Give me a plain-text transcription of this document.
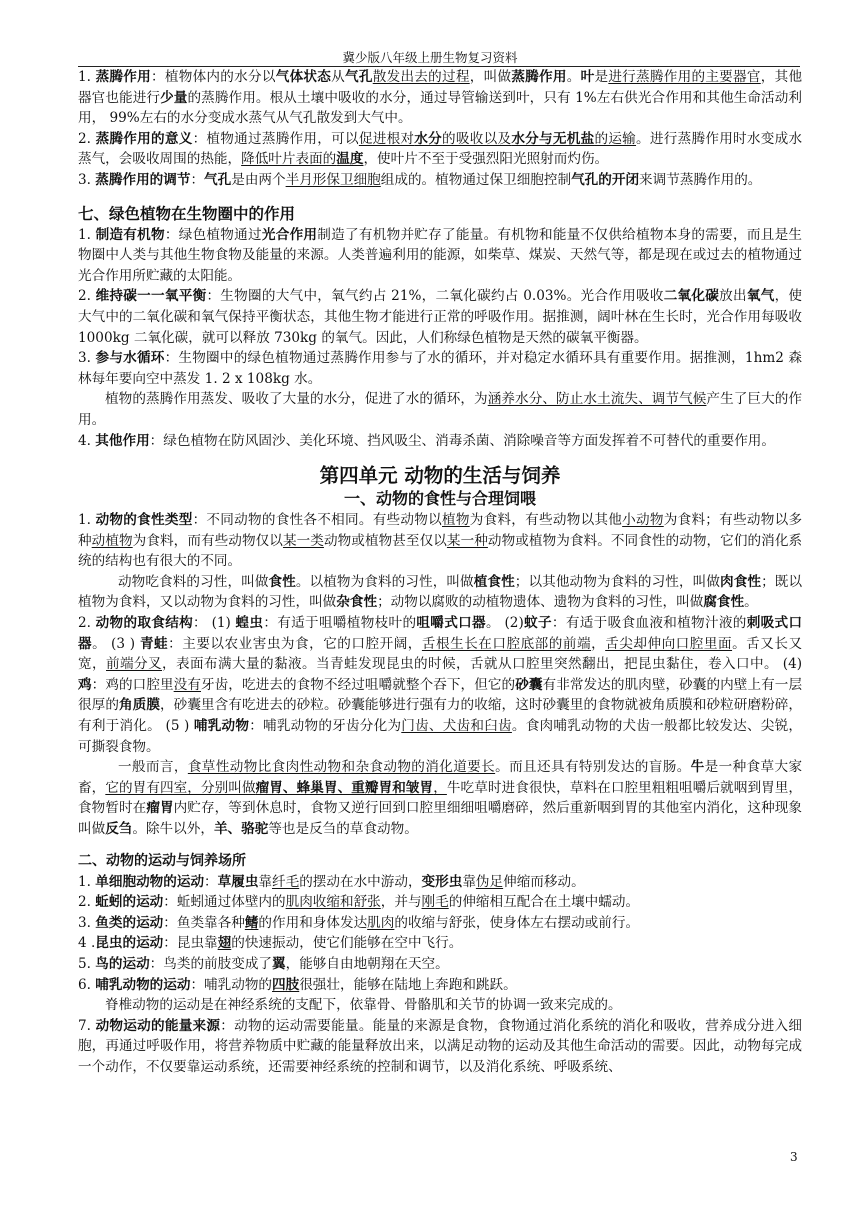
冀少版八年级上册生物复习资料

1. 蒸腾作用：植物体内的水分以气体状态从气孔散发出去的过程，叫做蒸腾作用。叶是进行蒸腾作用的主要器官，其他器官也能进行少量的蒸腾作用。根从土壤中吸收的水分，通过导管输送到叶，只有 1%左右供光合作用和其他生命活动利用， 99%左右的水分变成水蒸气从气孔散发到大气中。

2. 蒸腾作用的意义：植物通过蒸腾作用，可以促进根对水分的吸收以及水分与无机盐的运输。进行蒸腾作用时水变成水蒸气，会吸收周围的热能，降低叶片表面的温度，使叶片不至于受强烈阳光照射而灼伤。

3. 蒸腾作用的调节：气孔是由两个半月形保卫细胞组成的。植物通过保卫细胞控制气孔的开闭来调节蒸腾作用的。

七、绿色植物在生物圈中的作用

1. 制造有机物：绿色植物通过光合作用制造了有机物并贮存了能量。有机物和能量不仅供给植物本身的需要，而且是生物圈中人类与其他生物食物及能量的来源。人类普遍利用的能源，如柴草、煤炭、天然气等，都是现在或过去的植物通过光合作用所贮藏的太阳能。

2. 维持碳一一氧平衡：生物圈的大气中，氧气约占 21%，二氧化碳约占 0.03%。光合作用吸收二氧化碳放出氧气，使大气中的二氧化碳和氧气保持平衡状态，其他生物才能进行正常的呼吸作用。据推测，阔叶林在生长时，光合作用每吸收 1000kg 二氧化碳，就可以释放 730kg 的氧气。因此，人们称绿色植物是天然的碳氧平衡器。

3. 参与水循环：生物圈中的绿色植物通过蒸腾作用参与了水的循环，并对稳定水循环具有重要作用。据推测，1hm2 森林每年要向空中蒸发 1. 2 x 108kg 水。

植物的蒸腾作用蒸发、吸收了大量的水分，促进了水的循环，为涵养水分、防止水土流失、调节气候产生了巨大的作用。

4. 其他作用：绿色植物在防风固沙、美化环境、挡风吸尘、消毒杀菌、消除噪音等方面发挥着不可替代的重要作用。

第四单元 动物的生活与饲养

一、动物的食性与合理饲喂

1. 动物的食性类型：不同动物的食性各不相同。有些动物以植物为食料，有些动物以其他小动物为食料；有些动物以多种动植物为食料，而有些动物仅以某一类动物或植物甚至仅以某一种动物或植物为食料。不同食性的动物，它们的消化系统的结构也有很大的不同。

动物吃食料的习性，叫做食性。以植物为食料的习性，叫做植食性；以其他动物为食料的习性，叫做肉食性；既以植物为食料，又以动物为食料的习性，叫做杂食性；动物以腐败的动植物遗体、遗物为食料的习性，叫做腐食性。

2. 动物的取食结构： (1) 蝗虫：有适于咀嚼植物枝叶的咀嚼式口器。 (2)蚊子：有适于吸食血液和植物汁液的刺吸式口器。 (3 ) 青蛙：主要以农业害虫为食，它的口腔开阔，舌根生长在口腔底部的前端，舌尖却伸向口腔里面。舌又长又宽，前端分叉，表面布满大量的黏液。当青蛙发现昆虫的时候，舌就从口腔里突然翻出，把昆虫黏住，卷入口中。 (4) 鸡：鸡的口腔里没有牙齿，吃进去的食物不经过咀嚼就整个吞下，但它的砂囊有非常发达的肌肉壁，砂囊的内壁上有一层很厚的角质膜，砂囊里含有吃进去的砂粒。砂囊能够进行强有力的收缩，这时砂囊里的食物就被角质膜和砂粒研磨粉碎，有利于消化。 (5 ) 哺乳动物：哺乳动物的牙齿分化为门齿、犬齿和臼齿。食肉哺乳动物的犬齿一般都比较发达、尖锐，可撕裂食物。

一般而言，食草性动物比食肉性动物和杂食动物的消化道要长。而且还具有特别发达的盲肠。牛是一种食草大家畜，它的胃有四室，分别叫做瘤胃、蜂巢胃、重瓣胃和皱胃，牛吃草时进食很快，草料在口腔里粗粗咀嚼后就咽到胃里，食物暂时在瘤胃内贮存，等到休息时，食物又逆行回到口腔里细细咀嚼磨碎，然后重新咽到胃的其他室内消化，这种现象叫做反刍。除牛以外，羊、骆驼等也是反刍的草食动物。

二、动物的运动与饲养场所

1. 单细胞动物的运动：草履虫靠纤毛的摆动在水中游动，变形虫靠伪足伸缩而移动。

2. 蚯蚓的运动：蚯蚓通过体壁内的肌肉收缩和舒张，并与刚毛的伸缩相互配合在土壤中蠕动。

3. 鱼类的运动：鱼类靠各种鳍的作用和身体发达肌肉的收缩与舒张，使身体左右摆动或前行。

4 .昆虫的运动：昆虫靠翅的快速振动，使它们能够在空中飞行。

5. 鸟的运动：鸟类的前肢变成了翼，能够自由地朝翔在天空。

6. 哺乳动物的运动：哺乳动物的四肢很强壮，能够在陆地上奔跑和跳跃。

脊椎动物的运动是在神经系统的支配下，依靠骨、骨骼肌和关节的协调一致来完成的。

7. 动物运动的能量来源：动物的运动需要能量。能量的来源是食物，食物通过消化系统的消化和吸收，营养成分进入细胞，再通过呼吸作用，将营养物质中贮藏的能量释放出来，以满足动物的运动及其他生命活动的需要。因此，动物每完成一个动作，不仅要靠运动系统，还需要神经系统的控制和调节，以及消化系统、呼吸系统、

3
